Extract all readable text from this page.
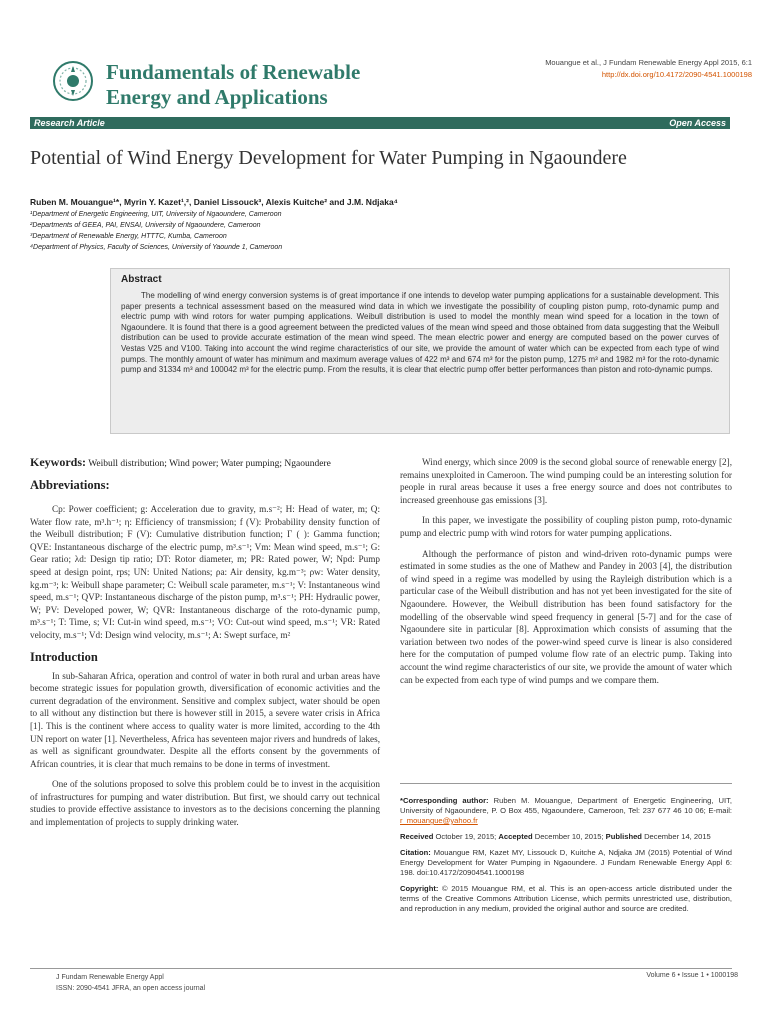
Fundamentals of Renewable
Energy and Applications
Mouangue et al., J Fundam Renewable Energy Appl 2015, 6:1
http://dx.doi.org/10.4172/2090-4541.1000198
Research Article	Open Access
Potential of Wind Energy Development for Water Pumping in Ngaoundere
Ruben M. Mouangue¹*, Myrin Y. Kazet¹,², Daniel Lissouck³, Alexis Kuitche² and J.M. Ndjaka⁴
¹Department of Energetic Engineering, UIT, University of Ngaoundere, Cameroon
²Departments of GEEA, PAI, ENSAI, University of Ngaoundere, Cameroon
³Department of Renewable Energy, HTTTC, Kumba, Cameroon
⁴Department of Physics, Faculty of Sciences, University of Yaounde 1, Cameroon
Abstract
The modelling of wind energy conversion systems is of great importance if one intends to develop water pumping applications for a sustainable development. This paper presents a technical assessment based on the measured wind data in which we investigate the possibility of coupling piston pump, roto-dynamic pump and electric pump with wind rotors for water pumping applications. Weibull distribution is used to model the monthly mean wind speed for a location in the town of Ngaoundere. It is found that there is a good agreement between the predicted values of the mean wind speed and those obtained from data suggesting that the Weibull distribution can be used to provide accurate estimation of the mean wind speed. The mean electric power and energy are computed based on the power curves of Vestas V25 and V100. Taking into account the wind regime characteristics of our site, we provide the amount of water which can be expected from each type of wind pumps. The monthly amount of water has minimum and maximum average values of 422 m³ and 674 m³ for the piston pump, 1275 m³ and 1982 m³ for the roto-dynamic pump and 31334 m³ and 100042 m³ for the electric pump. From the results, it is clear that electric pump offer better performances than piston and roto-dynamic pumps.
Keywords: Weibull distribution; Wind power; Water pumping; Ngaoundere
Abbreviations:
Cp: Power coefficient; g: Acceleration due to gravity, m.s⁻²; H: Head of water, m; Q: Water flow rate, m³.h⁻¹; η: Efficiency of transmission; f (V): Probability density function of the Weibull distribution; F (V): Cumulative distribution function; Γ ( ): Gamma function; QVE: Instantaneous discharge of the electric pump, m³.s⁻¹; Vm: Mean wind speed, m.s⁻¹; G: Gear ratio; λd: Design tip ratio; DT: Rotor diameter, m; PR: Rated power, W; Npd: Pump speed at design point, rps; UN: United Nations; ρa: Air density, kg.m⁻³; ρw: Water density, kg.m⁻³; k: Weibull shape parameter; C: Weibull scale parameter, m.s⁻¹; V: Instantaneous wind speed, m.s⁻¹; QVP: Instantaneous discharge of the piston pump, m³.s⁻¹; PH: Hydraulic power, W; PV: Developed power, W; QVR: Instantaneous discharge of the roto-dynamic pump, m³.s⁻¹; T: Time, s; VI: Cut-in wind speed, m.s⁻¹; VO: Cut-out wind speed, m.s⁻¹; VR: Rated velocity, m.s⁻¹; Vd: Design wind velocity, m.s⁻¹; A: Swept surface, m²
Introduction
In sub-Saharan Africa, operation and control of water in both rural and urban areas have become strategic issues for population growth, diversification of economic activities and the current degradation of the environment. Sensitive and complex subject, water should be open to all without any distinction but there is however still in 2015, a severe water crisis in Africa [1]. This is the continent where access to quality water is more limited, according to the 4th UN report on water [1]. Nevertheless, Africa has seventeen major rivers and hundreds of lakes, as well as significant groundwater. Despite all the efforts consent by the governments of African countries, it is clear that much remains to be done in terms of investment.
One of the solutions proposed to solve this problem could be to invest in the acquisition of infrastructures for pumping and water distribution. But first, we should carry out technical studies to provide effective assistance to investors as to the decisions concerning the planning and implementation of projects to supply drinking water.
Wind energy, which since 2009 is the second global source of renewable energy [2], remains unexploited in Cameroon. The wind pumping could be an interesting solution for people in rural areas because it uses a free energy source and does not contributes to increased greenhouse gas emissions [3].
In this paper, we investigate the possibility of coupling piston pump, roto-dynamic pump and electric pump with wind rotors for water pumping applications.
Although the performance of piston and wind-driven roto-dynamic pumps were estimated in some studies as the one of Mathew and Pandey in 2003 [4], the distribution of wind speed in a regime was modelled by using the Rayleigh distribution which is a particular case of the Weibull distribution and has not yet been investigated for the site of Ngaoundere. However, the Weibull distribution has been found satisfactory for the modelling of the observable wind speed frequency in general [5-7] and for the case of Ngaoundere site in particular [8]. Approximation which consists of assuming that the variation between two nodes of the power-wind speed curve is linear is also considered here for the computation of pumped volume flow rate of an electric pump. Taking into account the wind regime characteristics of our site, we provide the amount of water which can be expected from each type of wind pumps and we compare them.
*Corresponding author: Ruben M. Mouangue, Department of Energetic Engineering, UIT, University of Ngaoundere, P. O Box 455, Ngaoundere, Cameroon, Tel: 237 677 46 10 06; E-mail: r_mouangue@yahoo.fr
Received October 19, 2015; Accepted December 10, 2015; Published December 14, 2015
Citation: Mouangue RM, Kazet MY, Lissouck D, Kuitche A, Ndjaka JM (2015) Potential of Wind Energy Development for Water Pumping in Ngaoundere. J Fundam Renewable Energy Appl 6: 198. doi:10.4172/20904541.1000198
Copyright: © 2015 Mouangue RM, et al. This is an open-access article distributed under the terms of the Creative Commons Attribution License, which permits unrestricted use, distribution, and reproduction in any medium, provided the original author and source are credited.
J Fundam Renewable Energy Appl
ISSN: 2090-4541 JFRA, an open access journal
Volume 6 • Issue 1 • 1000198
